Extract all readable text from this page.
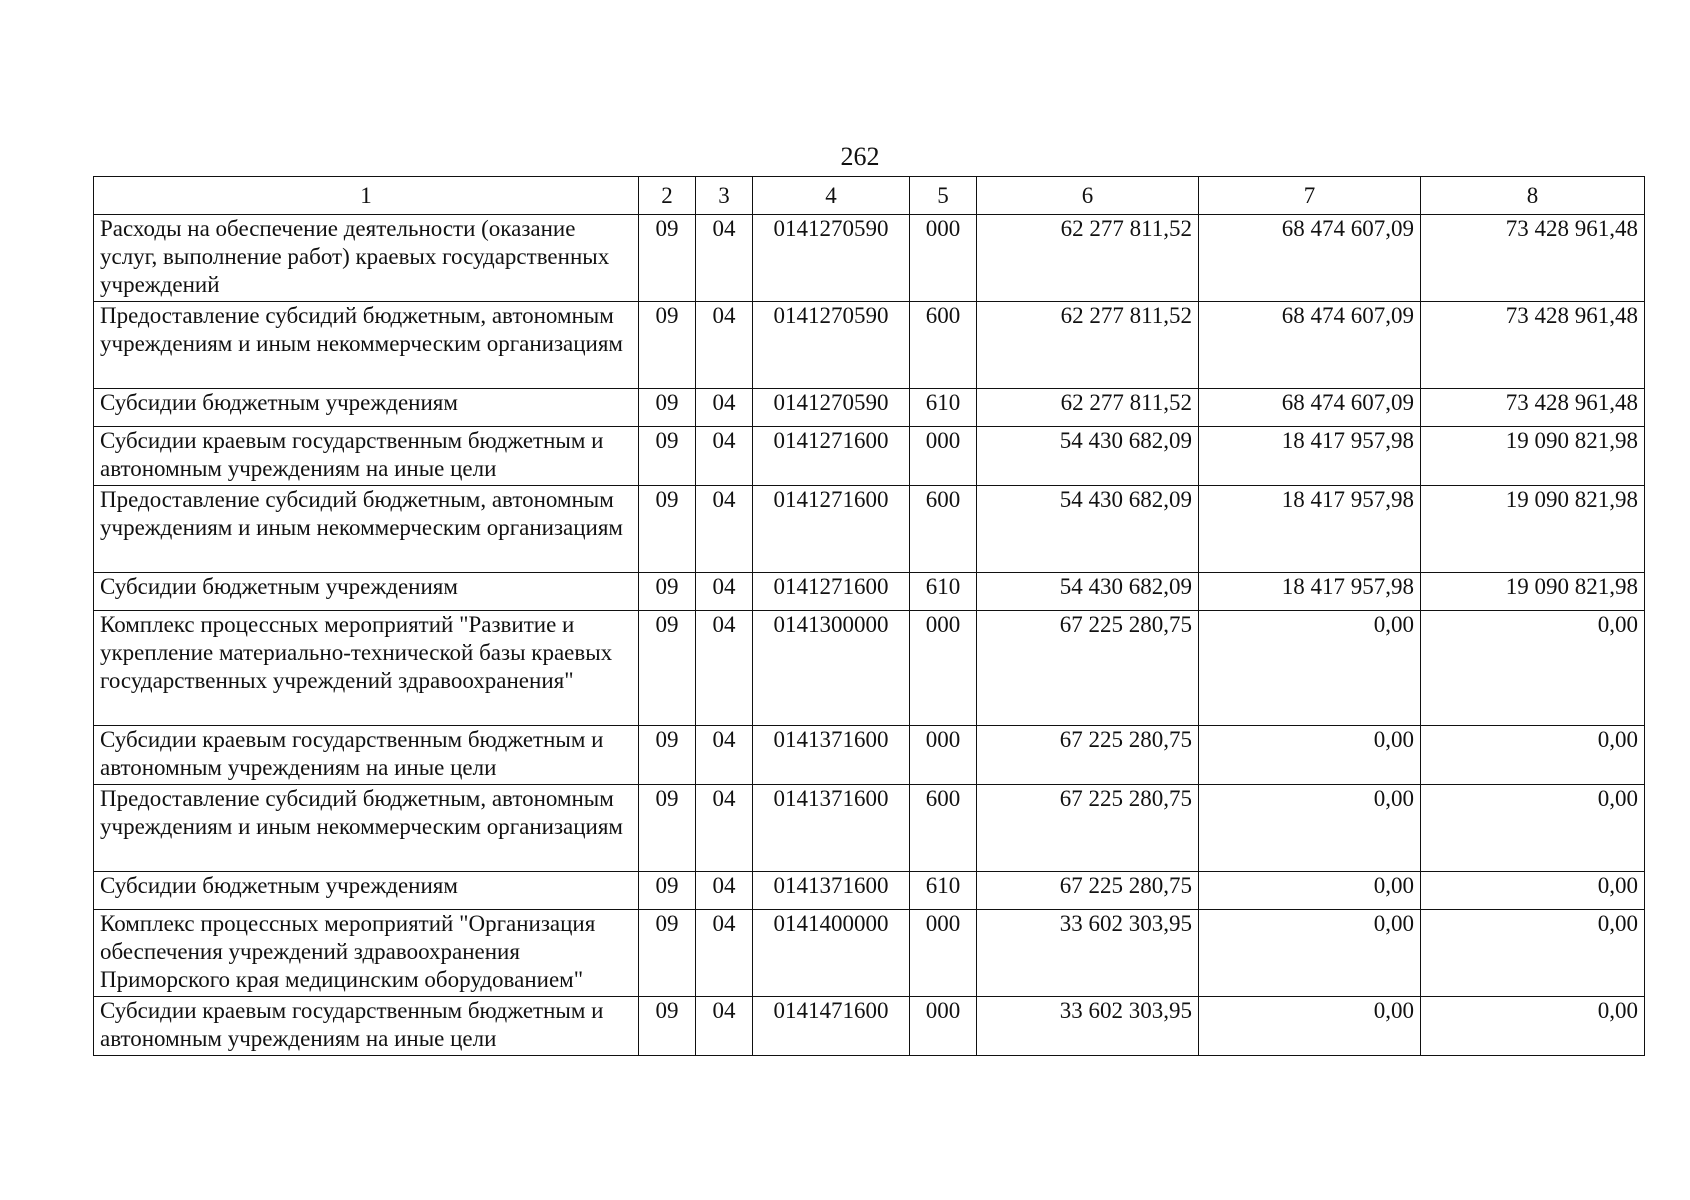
262
1	2	3	4	5	6	7	8
Расходы на обеспечение деятельности (оказание услуг, выполнение работ) краевых государственных учреждений	09	04	0141270590	000	62 277 811,52	68 474 607,09	73 428 961,48
Предоставление субсидий бюджетным, автономным учреждениям и иным некоммерческим организациям	09	04	0141270590	600	62 277 811,52	68 474 607,09	73 428 961,48
Субсидии бюджетным учреждениям	09	04	0141270590	610	62 277 811,52	68 474 607,09	73 428 961,48
Субсидии краевым государственным бюджетным и автономным учреждениям на иные цели	09	04	0141271600	000	54 430 682,09	18 417 957,98	19 090 821,98
Предоставление субсидий бюджетным, автономным учреждениям и иным некоммерческим организациям	09	04	0141271600	600	54 430 682,09	18 417 957,98	19 090 821,98
Субсидии бюджетным учреждениям	09	04	0141271600	610	54 430 682,09	18 417 957,98	19 090 821,98
Комплекс процессных мероприятий "Развитие и укрепление материально-технической базы краевых государственных учреждений здравоохранения"	09	04	0141300000	000	67 225 280,75	0,00	0,00
Субсидии краевым государственным бюджетным и автономным учреждениям на иные цели	09	04	0141371600	000	67 225 280,75	0,00	0,00
Предоставление субсидий бюджетным, автономным учреждениям и иным некоммерческим организациям	09	04	0141371600	600	67 225 280,75	0,00	0,00
Субсидии бюджетным учреждениям	09	04	0141371600	610	67 225 280,75	0,00	0,00
Комплекс процессных мероприятий "Организация обеспечения учреждений здравоохранения Приморского края медицинским оборудованием"	09	04	0141400000	000	33 602 303,95	0,00	0,00
Субсидии краевым государственным бюджетным и автономным учреждениям на иные цели	09	04	0141471600	000	33 602 303,95	0,00	0,00
